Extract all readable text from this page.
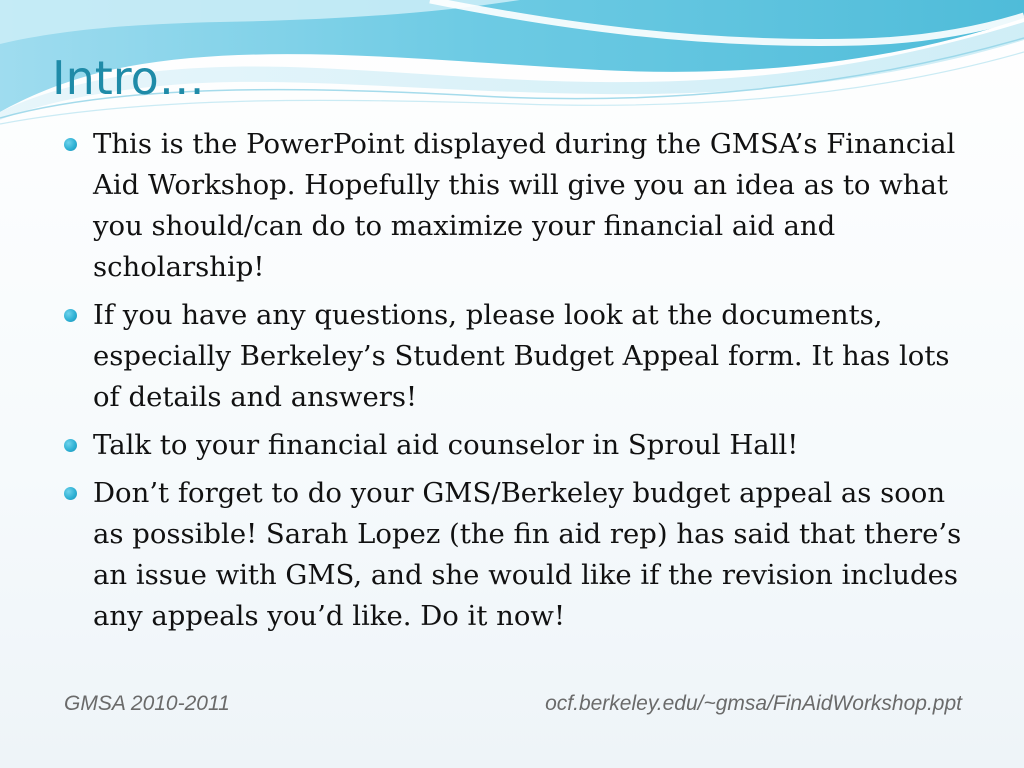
Intro…
This is the PowerPoint displayed during the GMSA’s Financial Aid Workshop. Hopefully this will give you an idea as to what you should/can do to maximize your financial aid and scholarship!
If you have any questions, please look at the documents, especially Berkeley’s Student Budget Appeal form. It has lots of details and answers!
Talk to your financial aid counselor in Sproul Hall!
Don’t forget to do your GMS/Berkeley budget appeal as soon as possible! Sarah Lopez (the fin aid rep) has said that there’s an issue with GMS, and she would like if the revision includes any appeals you’d like. Do it now!
GMSA 2010-2011	ocf.berkeley.edu/~gmsa/FinAidWorkshop.ppt
